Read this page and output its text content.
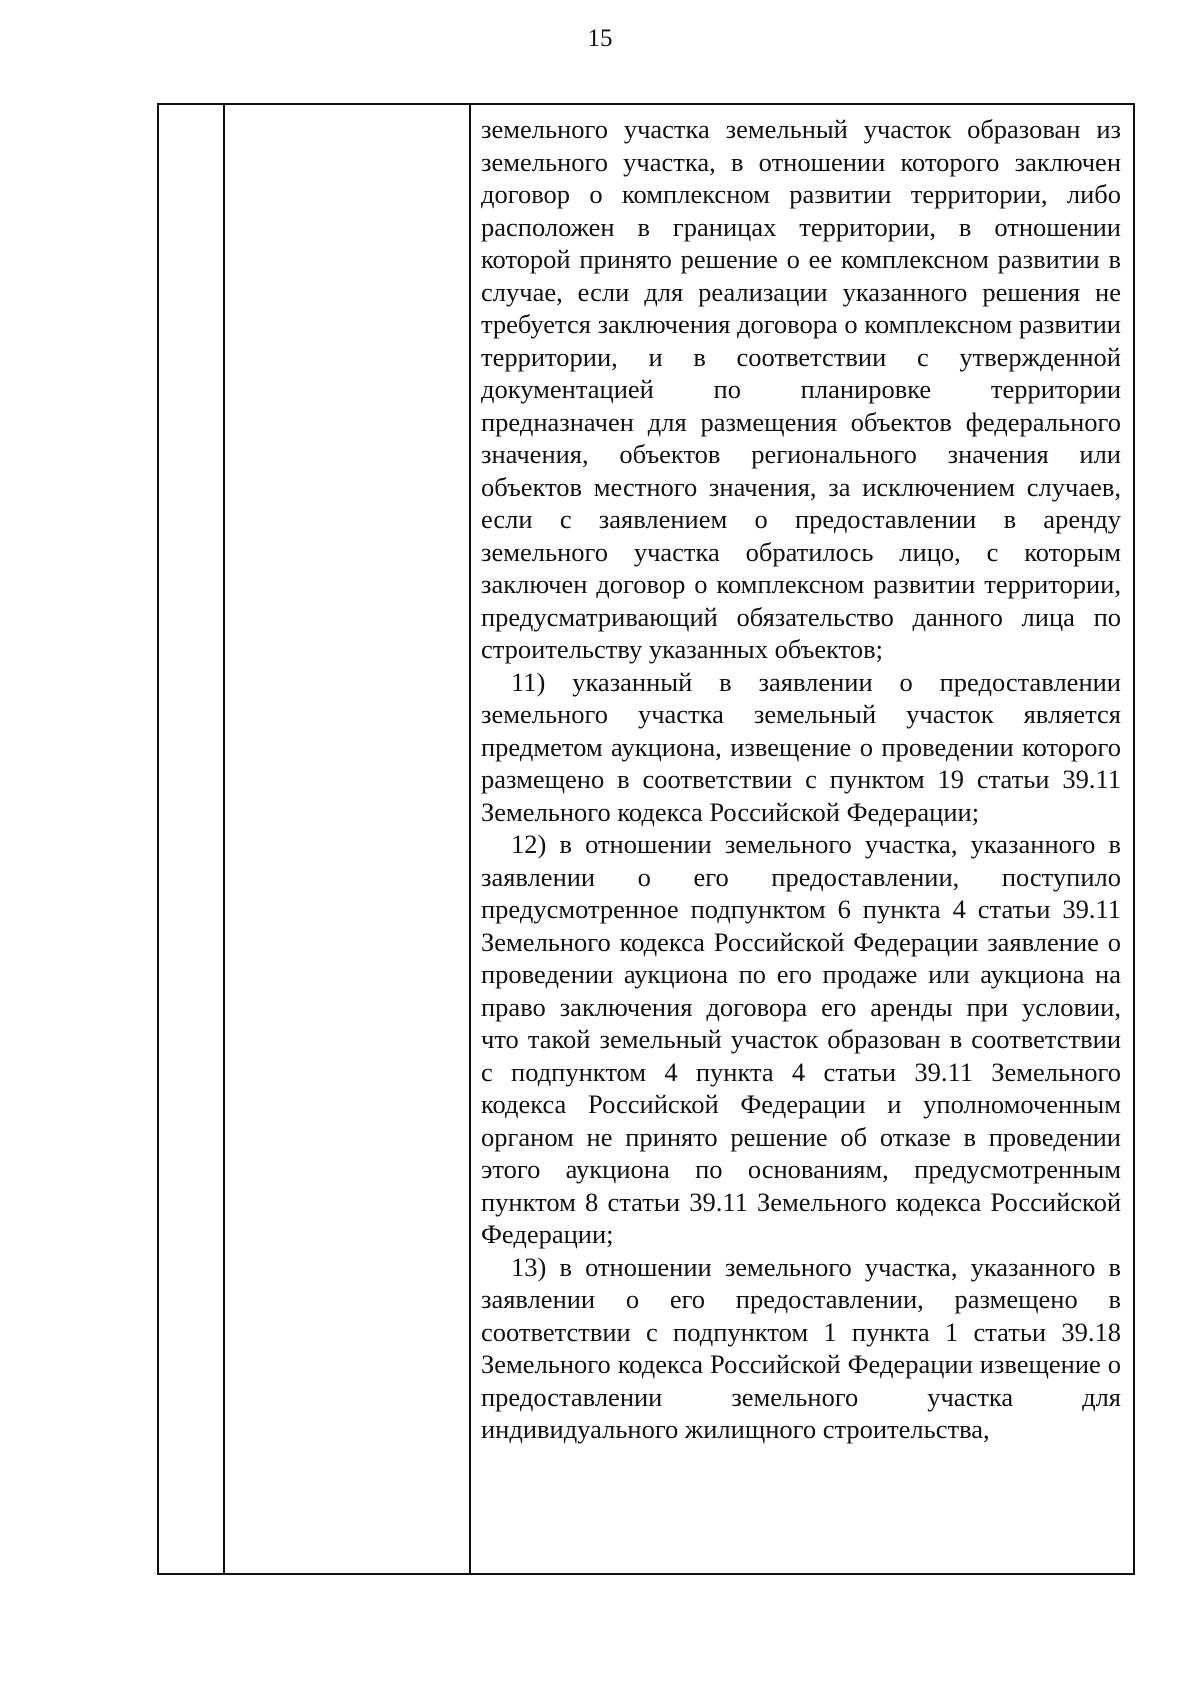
15

земельного участка земельный участок образован из земельного участка, в отношении которого заключен договор о комплексном развитии территории, либо расположен в границах территории, в отношении которой принято решение о ее комплексном развитии в случае, если для реализации указанного решения не требуется заключения договора о комплексном развитии территории, и в соответствии с утвержденной документацией по планировке территории предназначен для размещения объектов федерального значения, объектов регионального значения или объектов местного значения, за исключением случаев, если с заявлением о предоставлении в аренду земельного участка обратилось лицо, с которым заключен договор о комплексном развитии территории, предусматривающий обязательство данного лица по строительству указанных объектов;

11) указанный в заявлении о предоставлении земельного участка земельный участок является предметом аукциона, извещение о проведении которого размещено в соответствии с пунктом 19 статьи 39.11 Земельного кодекса Российской Федерации;

12) в отношении земельного участка, указанного в заявлении о его предоставлении, поступило предусмотренное подпунктом 6 пункта 4 статьи 39.11 Земельного кодекса Российской Федерации заявление о проведении аукциона по его продаже или аукциона на право заключения договора его аренды при условии, что такой земельный участок образован в соответствии с подпунктом 4 пункта 4 статьи 39.11 Земельного кодекса Российской Федерации и уполномоченным органом не принято решение об отказе в проведении этого аукциона по основаниям, предусмотренным пунктом 8 статьи 39.11 Земельного кодекса Российской Федерации;

13) в отношении земельного участка, указанного в заявлении о его предоставлении, размещено в соответствии с подпунктом 1 пункта 1 статьи 39.18 Земельного кодекса Российской Федерации извещение о предоставлении земельного участка для индивидуального жилищного строительства,
